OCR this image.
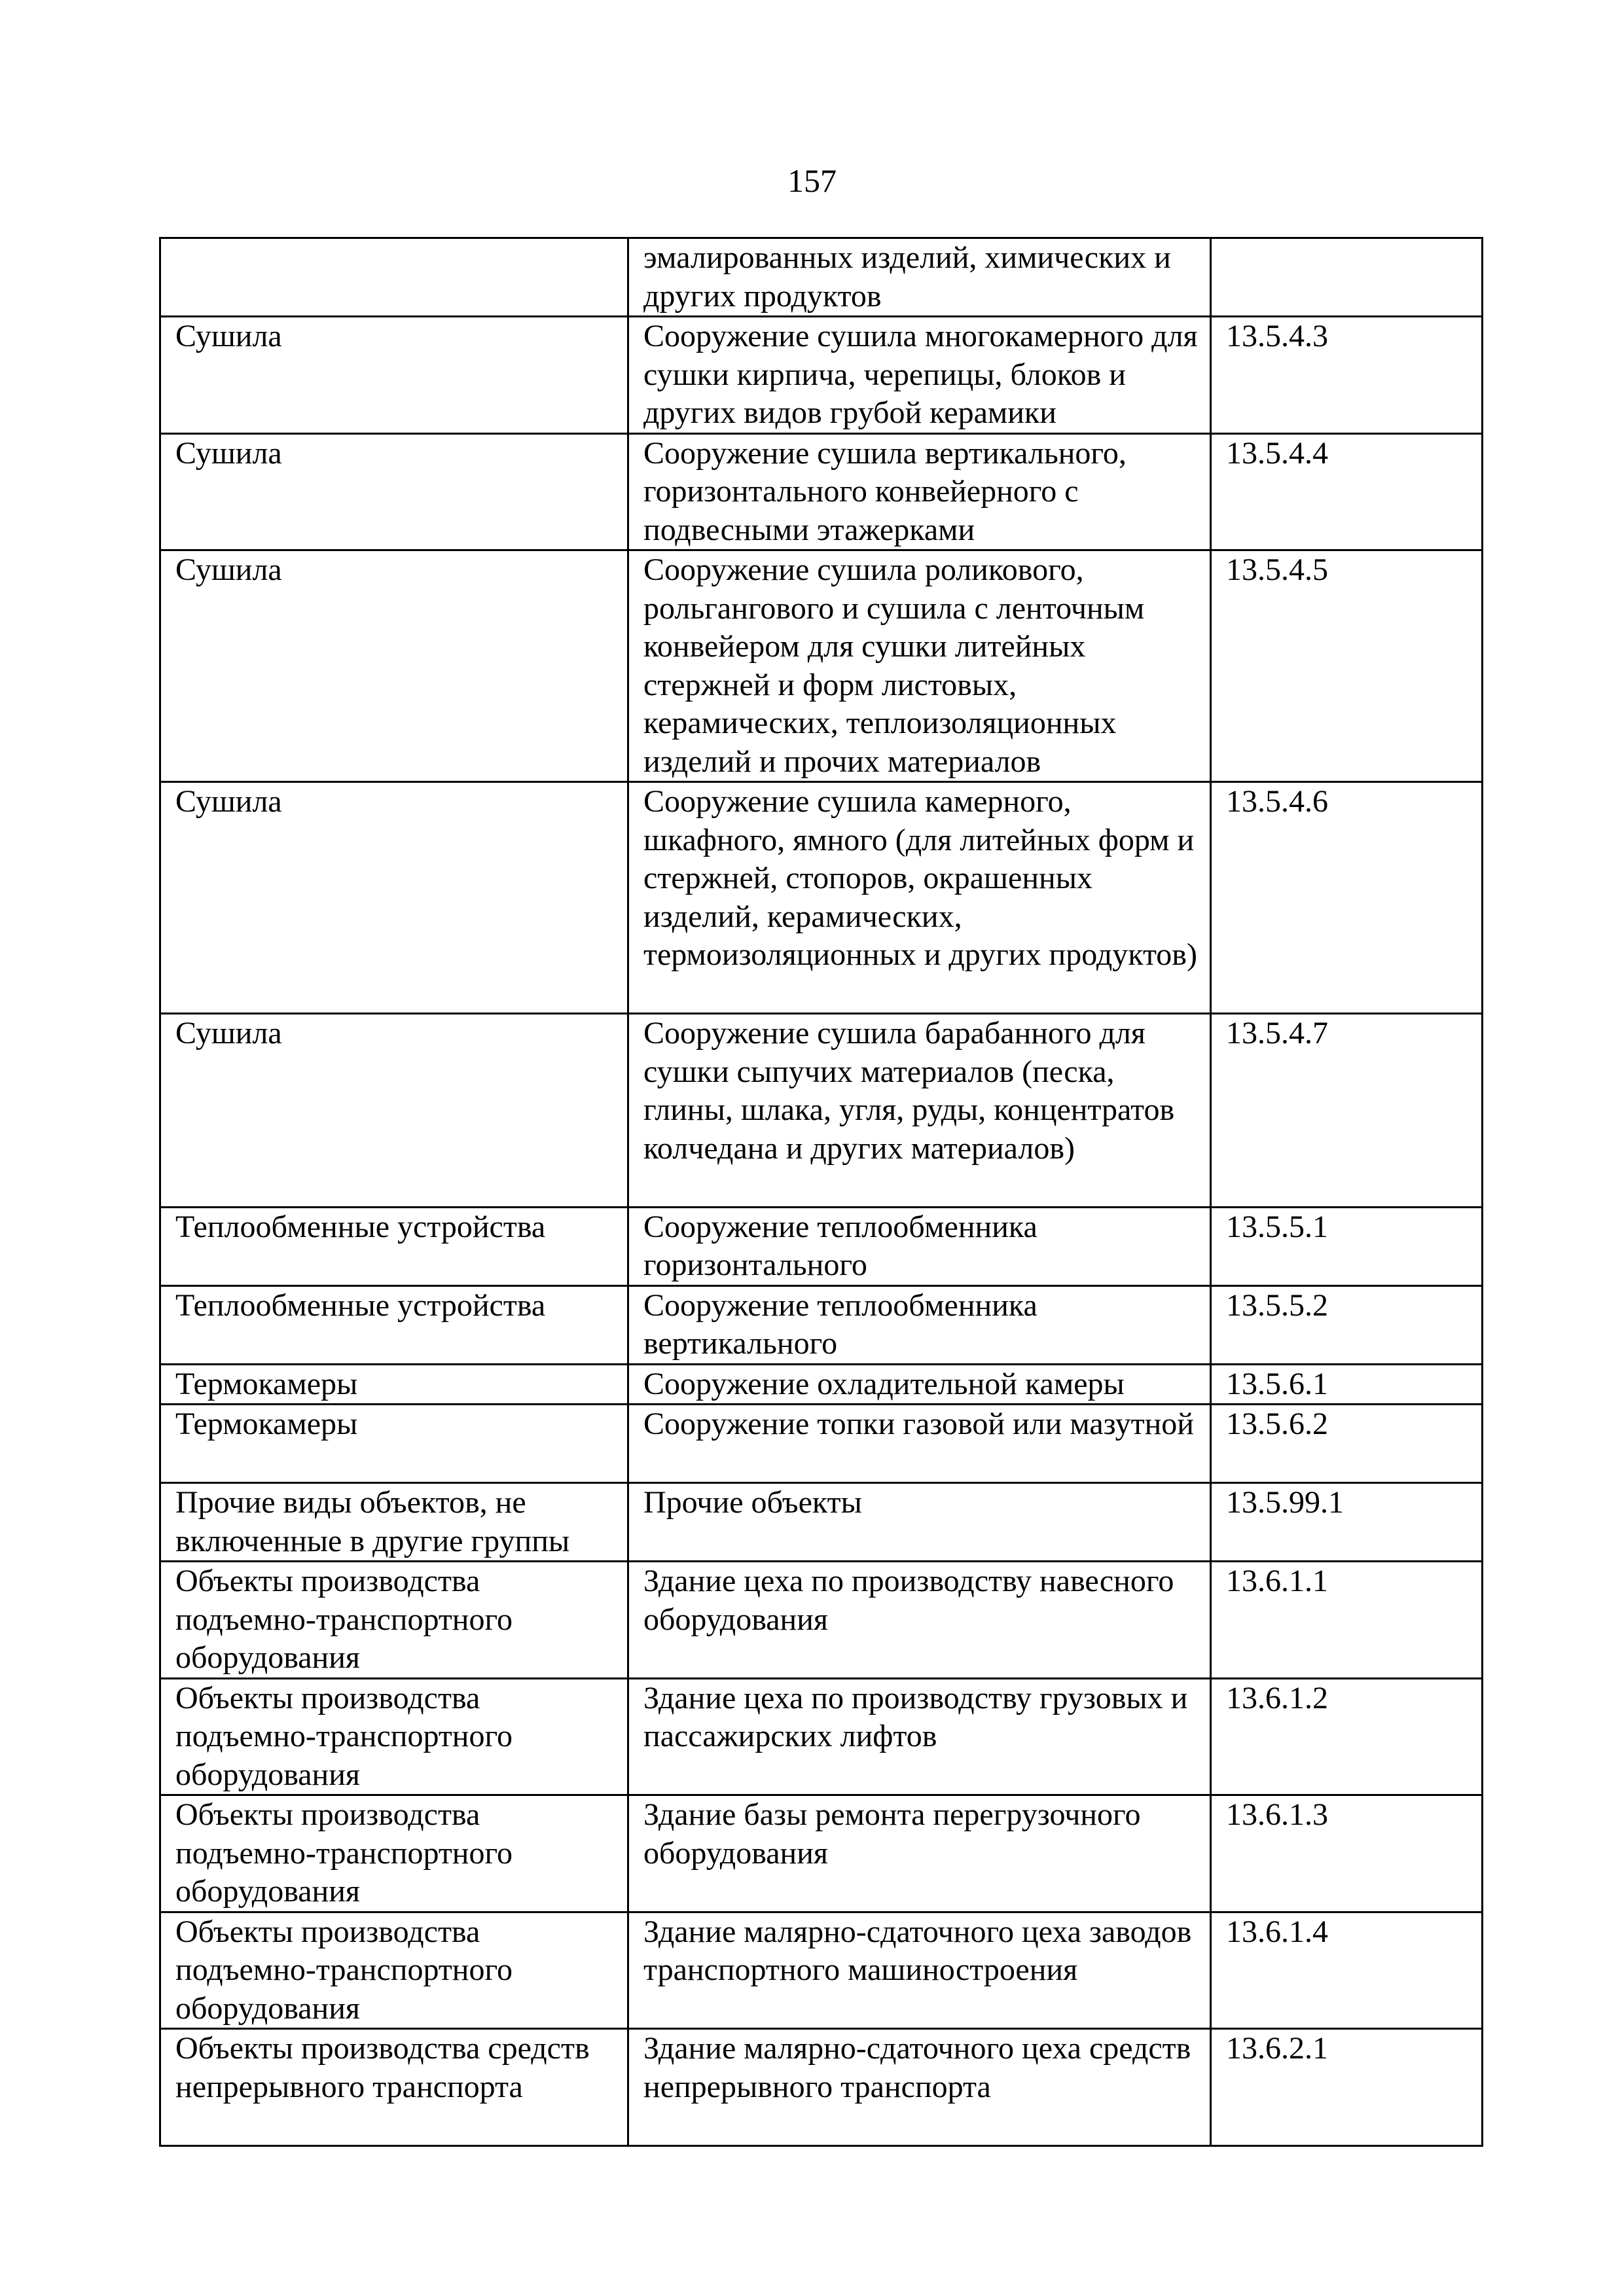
157

	эмалированных изделий, химических и других продуктов	

Сушила	Сооружение сушила многокамерного для сушки кирпича, черепицы, блоков и других видов грубой керамики	13.5.4.3

Сушила	Сооружение сушила вертикального, горизонтального конвейерного с подвесными этажерками	13.5.4.4

Сушила	Сооружение сушила роликового, рольгангового и сушила с ленточным конвейером для сушки литейных стержней и форм листовых, керамических, теплоизоляционных изделий и прочих материалов	13.5.4.5

Сушила	Сооружение сушила камерного, шкафного, ямного (для литейных форм и стержней, стопоров, окрашенных изделий, керамических, термоизоляционных и других продуктов)	13.5.4.6

Сушила	Сооружение сушила барабанного для сушки сыпучих материалов (песка, глины, шлака, угля, руды, концентратов колчедана и других материалов)	13.5.4.7

Теплообменные устройства	Сооружение теплообменника горизонтального	13.5.5.1

Теплообменные устройства	Сооружение теплообменника вертикального	13.5.5.2

Термокамеры	Сооружение охладительной камеры	13.5.6.1

Термокамеры	Сооружение топки газовой или мазутной	13.5.6.2

Прочие виды объектов, не включенные в другие группы	Прочие объекты	13.5.99.1

Объекты производства подъемно-транспортного оборудования	Здание цеха по производству навесного оборудования	13.6.1.1

Объекты производства подъемно-транспортного оборудования	Здание цеха по производству грузовых и пассажирских лифтов	13.6.1.2

Объекты производства подъемно-транспортного оборудования	Здание базы ремонта перегрузочного оборудования	13.6.1.3

Объекты производства подъемно-транспортного оборудования	Здание малярно-сдаточного цеха заводов транспортного машиностроения	13.6.1.4

Объекты производства средств непрерывного транспорта	Здание малярно-сдаточного цеха средств непрерывного транспорта	13.6.2.1
